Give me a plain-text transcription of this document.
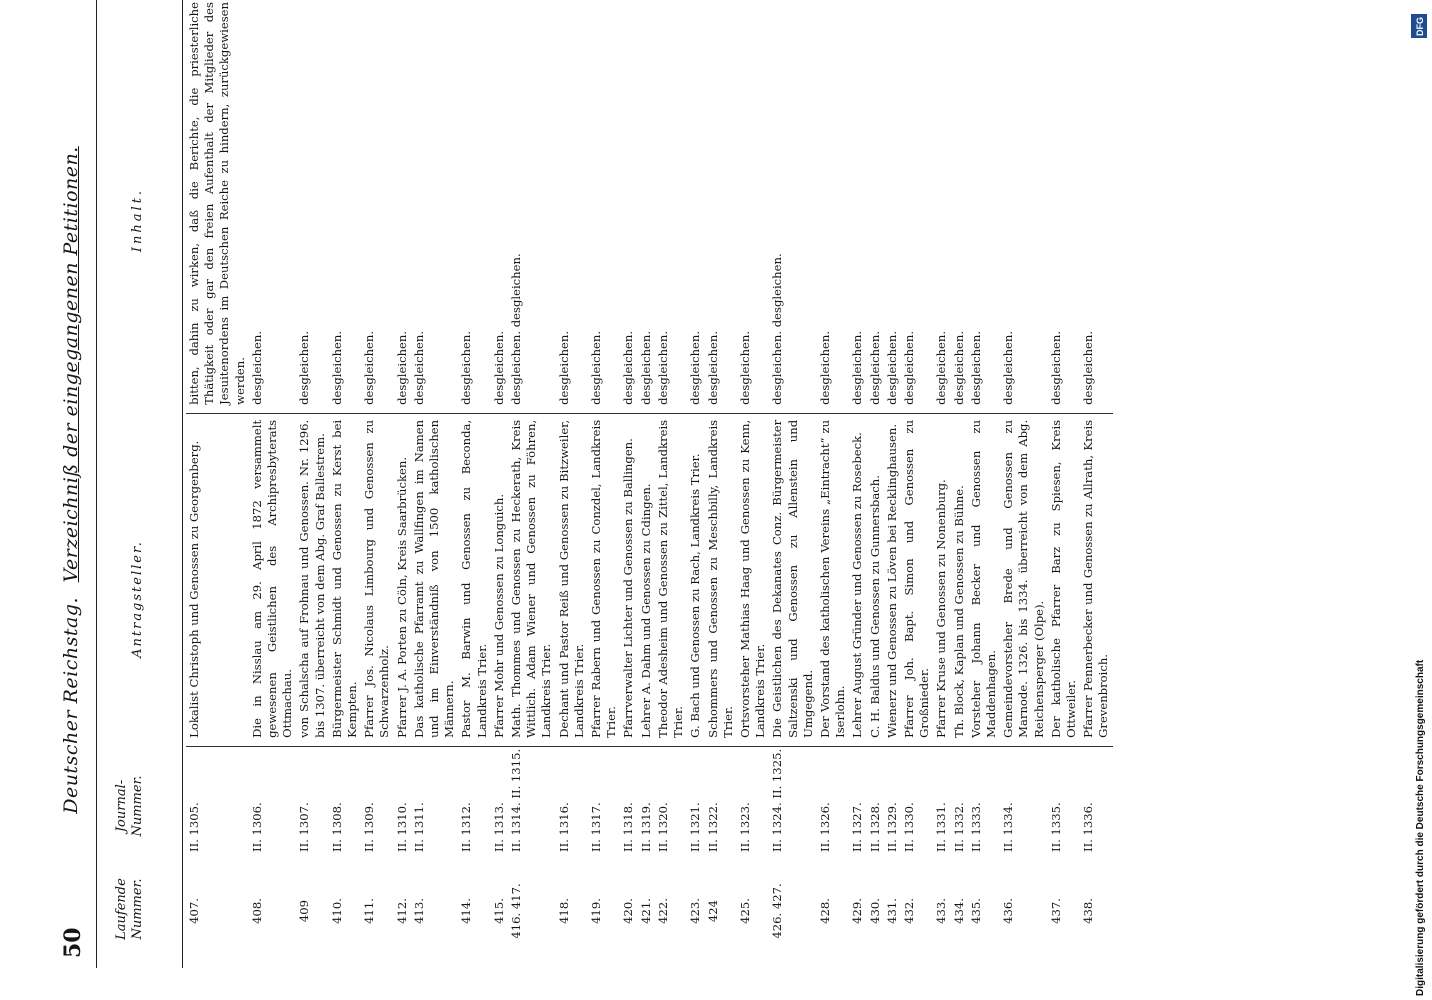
50
Deutscher Reichstag. Verzeichniß der eingegangenen Petitionen.
Laufende Nummer.
Journal- Nummer.
Antragsteller.
Inhalt.
407.	II. 1305.	Lokalist Christoph und Genossen zu Georgenberg.	bitten, dahin zu wirken, daß die Berichte, die priesterliche Thätigkeit oder gar den freien Aufenthalt der Mitglieder des Jesuitenordens im Deutschen Reiche zu hindern, zurückgewiesen werden.
408.	II. 1306.	Die in Nisslau am 29. April 1872 versammelt gewesenen Geistlichen des Archipresbyterats Ottmachau.	desgleichen.
409	II. 1307.	von Schalscha auf Frohnau und Genossen. Nr. 1296. bis 1307. überreicht von dem Abg. Graf Ballestrem.	desgleichen.
410.	II. 1308.	Bürgermeister Schmidt und Genossen zu Kerst bei Kempten.	desgleichen.
411.	II. 1309.	Pfarrer Jos. Nicolaus Limbourg und Genossen zu Schwarzenholz.	desgleichen.
412.	II. 1310.	Pfarrer J. A. Porten zu Cöln, Kreis Saarbrücken.	desgleichen.
413.	II. 1311.	Das katholische Pfarramt zu Wallfingen im Namen und im Einverständniß von 1500 katholischen Männern.	desgleichen.
414.	II. 1312.	Pastor M. Barwin und Genossen zu Beconda, Landkreis Trier.	desgleichen.
415.	II. 1313.	Pfarrer Mohr und Genossen zu Longuich.	desgleichen.
416. 417.	II. 1314. II. 1315.	Math. Thommes und Genossen zu Heckerath, Kreis Wittlich. Adam Wiener und Genossen zu Föhren, Landkreis Trier.	desgleichen. desgleichen.
418.	II. 1316.	Dechant und Pastor Reiß und Genossen zu Bitzweiler, Landkreis Trier.	desgleichen.
419.	II. 1317.	Pfarrer Rabern und Genossen zu Conzdel, Landkreis Trier.	desgleichen.
420.	II. 1318.	Pfarrverwalter Lichter und Genossen zu Ballingen.	desgleichen.
421.	II. 1319.	Lehrer A. Dahm und Genossen zu Cdingen.	desgleichen.
422.	II. 1320.	Theodor Adesheim und Genossen zu Zittel, Landkreis Trier.	desgleichen.
423.	II. 1321.	G. Bach und Genossen zu Rach, Landkreis Trier.	desgleichen.
424	II. 1322.	Schommers und Genossen zu Meschbilly, Landkreis Trier.	desgleichen.
425.	II. 1323.	Ortsvorsteher Mathias Haag und Genossen zu Kenn, Landkreis Trier.	desgleichen.
426. 427.	II. 1324. II. 1325.	Die Geistlichen des Dekanates Conz. Bürgermeister Saltzenski und Genossen zu Allenstein und Umgegend.	desgleichen. desgleichen.
428.	II. 1326.	Der Vorstand des katholischen Vereins „Eintracht“ zu Iserlohn.	desgleichen.
429.	II. 1327.	Lehrer August Gründer und Genossen zu Rosebeck.	desgleichen.
430.	II. 1328.	C. H. Baldus und Genossen zu Gunnersbach.	desgleichen.
431.	II. 1329.	Wienerz und Genossen zu Löven bei Recklinghausen.	desgleichen.
432.	II. 1330.	Pfarrer Joh. Bapt. Simon und Genossen zu Großnieder.	desgleichen.
433.	II. 1331.	Pfarrer Kruse und Genossen zu Nonenburg.	desgleichen.
434.	II. 1332.	Th. Block, Kaplan und Genossen zu Bühne.	desgleichen.
435.	II. 1333.	Vorsteher Johann Becker und Genossen zu Maddenhagen.	desgleichen.
436.	II. 1334.	Gemeindevorsteher Brede und Genossen zu Marnode. 1326. bis 1334. überreicht von dem Abg. Reichensperger (Olpe).	desgleichen.
437.	II. 1335.	Der katholische Pfarrer Barz zu Spiesen, Kreis Ottweiler.	desgleichen.
438.	II. 1336.	Pfarrer Pennerbecker und Genossen zu Allrath, Kreis Grevenbroich.	desgleichen.
Digitalisierung gefördert durch die Deutsche Forschungsgemeinschaft
DFG
